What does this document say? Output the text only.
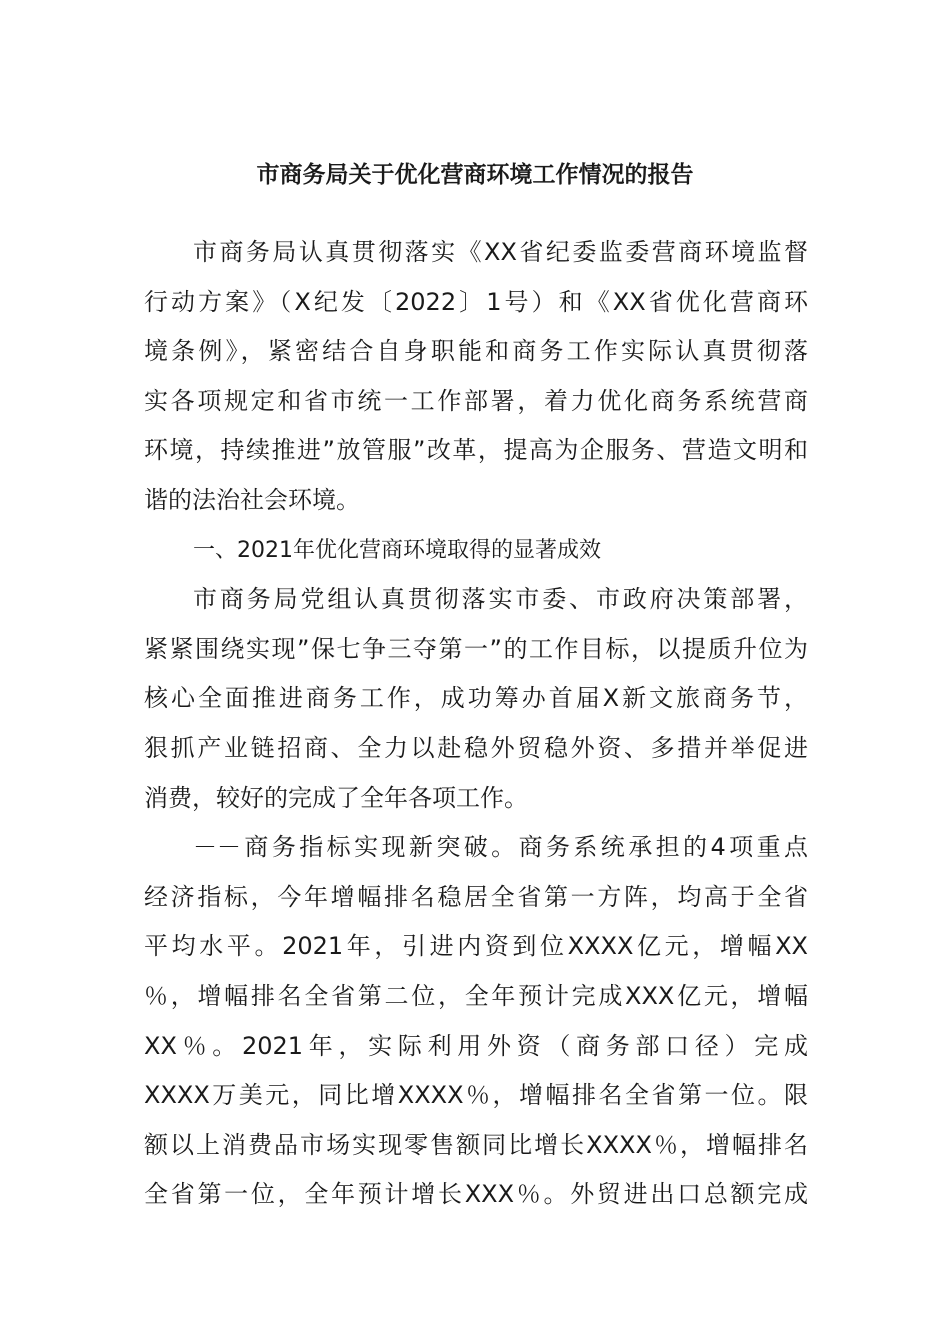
市商务局关于优化营商环境工作情况的报告
市商务局认真贯彻落实《XX省纪委监委营商环境监督
行动方案》（X纪发〔2022〕1号）和《XX省优化营商环
境条例》，紧密结合自身职能和商务工作实际认真贯彻落
实各项规定和省市统一工作部署，着力优化商务系统营商
环境，持续推进”放管服”改革，提高为企服务、营造文明和
谐的法治社会环境。
一、2021年优化营商环境取得的显著成效
市商务局党组认真贯彻落实市委、市政府决策部署，
紧紧围绕实现”保七争三夺第一”的工作目标，以提质升位为
核心全面推进商务工作，成功筹办首届X新文旅商务节，
狠抓产业链招商、全力以赴稳外贸稳外资、多措并举促进
消费，较好的完成了全年各项工作。
－－商务指标实现新突破。商务系统承担的4项重点
经济指标，今年增幅排名稳居全省第一方阵，均高于全省
平均水平。2021年，引进内资到位XXXX亿元，增幅XX
％，增幅排名全省第二位，全年预计完成XXX亿元，增幅
XX％。2021年，实际利用外资（商务部口径）完成
XXXX万美元，同比增XXXX％，增幅排名全省第一位。限
额以上消费品市场实现零售额同比增长XXXX％，增幅排名
全省第一位，全年预计增长XXX％。外贸进出口总额完成
